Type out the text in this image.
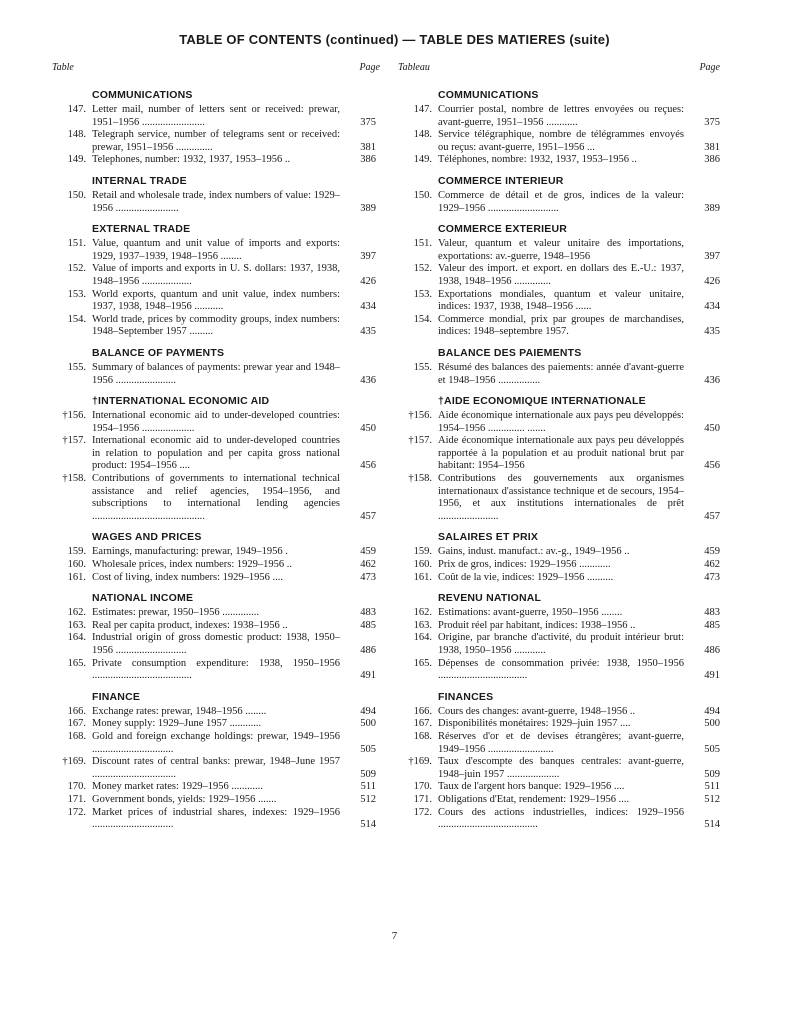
TABLE OF CONTENTS (continued) — TABLE DES MATIERES (suite)
Table	Page
COMMUNICATIONS
147. Letter mail, number of letters sent or received: prewar, 1951–1956 ........................	375
148. Telegraph service, number of telegrams sent or received: prewar, 1951–1956 ..............	381
149. Telephones, number: 1932, 1937, 1953–1956 ..	386
INTERNAL TRADE
150. Retail and wholesale trade, index numbers of value: 1929–1956 ........................	389
EXTERNAL TRADE
151. Value, quantum and unit value of imports and exports: 1929, 1937–1939, 1948–1956 ........	397
152. Value of imports and exports in U. S. dollars: 1937, 1938, 1948–1956 ...................	426
153. World exports, quantum and unit value, index numbers: 1937, 1938, 1948–1956 ...........	434
154. World trade, prices by commodity groups, index numbers: 1948–September 1957 .........	435
BALANCE OF PAYMENTS
155. Summary of balances of payments: prewar year and 1948–1956 .......................	436
†INTERNATIONAL ECONOMIC AID
†156. International economic aid to under-developed countries: 1954–1956 ....................	450
†157. International economic aid to under-developed countries in relation to population and per capita gross national product: 1954–1956 ....	456
†158. Contributions of governments to international technical assistance and relief agencies, 1954–1956, and subscriptions to international lending agencies ...........................................	457
WAGES AND PRICES
159. Earnings, manufacturing: prewar, 1949–1956 .	459
160. Wholesale prices, index numbers: 1929–1956 ..	462
161. Cost of living, index numbers: 1929–1956 ....	473
NATIONAL INCOME
162. Estimates: prewar, 1950–1956 ..............	483
163. Real per capita product, indexes: 1938–1956 ..	485
164. Industrial origin of gross domestic product: 1938, 1950–1956 ...........................	486
165. Private consumption expenditure: 1938, 1950–1956 ......................................	491
FINANCE
166. Exchange rates: prewar, 1948–1956 ........	494
167. Money supply: 1929–June 1957 ............	500
168. Gold and foreign exchange holdings: prewar, 1949–1956 ...............................	505
†169. Discount rates of central banks: prewar, 1948–June 1957 ................................	509
170. Money market rates: 1929–1956 ............	511
171. Government bonds, yields: 1929–1956 .......	512
172. Market prices of industrial shares, indexes: 1929–1956 ...............................	514
Tableau	Page
COMMUNICATIONS
147. Courrier postal, nombre de lettres envoyées ou reçues: avant-guerre, 1951–1956 ............	375
148. Service télégraphique, nombre de télégrammes envoyés ou reçus: avant-guerre, 1951–1956 ...	381
149. Téléphones, nombre: 1932, 1937, 1953–1956 ..	386
COMMERCE INTERIEUR
150. Commerce de détail et de gros, indices de la valeur: 1929–1956 ...........................	389
COMMERCE EXTERIEUR
151. Valeur, quantum et valeur unitaire des importations, exportations: av.-guerre, 1948–1956	397
152. Valeur des import. et export. en dollars des E.-U.: 1937, 1938, 1948–1956 ..............	426
153. Exportations mondiales, quantum et valeur unitaire, indices: 1937, 1938, 1948–1956 ......	434
154. Commerce mondial, prix par groupes de marchandises, indices: 1948–septembre 1957.	435
BALANCE DES PAIEMENTS
155. Résumé des balances des paiements: année d'avant-guerre et 1948–1956 ................	436
†AIDE ECONOMIQUE INTERNATIONALE
†156. Aide économique internationale aux pays peu développés: 1954–1956 .............. .......	450
†157. Aide économique internationale aux pays peu développés rapportée à la population et au produit national brut par habitant: 1954–1956	456
†158. Contributions des gouvernements aux organismes internationaux d'assistance technique et de secours, 1954–1956, et aux institutions internationales de prêt .......................	457
SALAIRES ET PRIX
159. Gains, indust. manufact.: av.-g., 1949–1956 ..	459
160. Prix de gros, indices: 1929–1956 ............	462
161. Coût de la vie, indices: 1929–1956 ..........	473
REVENU NATIONAL
162. Estimations: avant-guerre, 1950–1956 ........	483
163. Produit réel par habitant, indices: 1938–1956 ..	485
164. Origine, par branche d'activité, du produit intérieur brut: 1938, 1950–1956 ............	486
165. Dépenses de consommation privée: 1938, 1950–1956 ..................................	491
FINANCES
166. Cours des changes: avant-guerre, 1948–1956 ..	494
167. Disponibilités monétaires: 1929–juin 1957 ....	500
168. Réserves d'or et de devises étrangères; avant-guerre, 1949–1956 .........................	505
†169. Taux d'escompte des banques centrales: avant-guerre, 1948–juin 1957 ....................	509
170. Taux de l'argent hors banque: 1929–1956 ....	511
171. Obligations d'Etat, rendement: 1929–1956 ....	512
172. Cours des actions industrielles, indices: 1929–1956 ......................................	514
7
